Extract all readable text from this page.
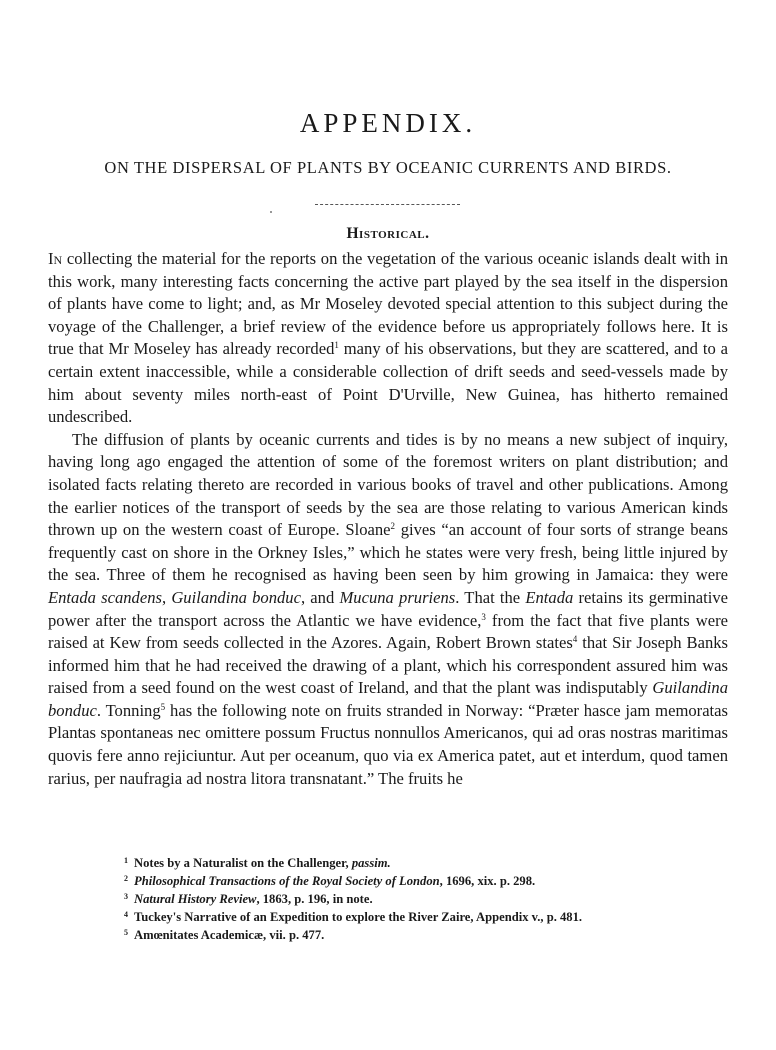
APPENDIX.
ON THE DISPERSAL OF PLANTS BY OCEANIC CURRENTS AND BIRDS.
Historical.

In collecting the material for the reports on the vegetation of the various oceanic islands dealt with in this work, many interesting facts concerning the active part played by the sea itself in the dispersion of plants have come to light; and, as Mr Moseley devoted special attention to this subject during the voyage of the Challenger, a brief review of the evidence before us appropriately follows here. It is true that Mr Moseley has already recorded$^1$ many of his observations, but they are scattered, and to a certain extent inaccessible, while a considerable collection of drift seeds and seed-vessels made by him about seventy miles north-east of Point D'Urville, New Guinea, has hitherto remained undescribed.

The diffusion of plants by oceanic currents and tides is by no means a new subject of inquiry, having long ago engaged the attention of some of the foremost writers on plant distribution; and isolated facts relating thereto are recorded in various books of travel and other publications. Among the earlier notices of the transport of seeds by the sea are those relating to various American kinds thrown up on the western coast of Europe. Sloane$^2$ gives “an account of four sorts of strange beans frequently cast on shore in the Orkney Isles,” which he states were very fresh, being little injured by the sea. Three of them he recognised as having been seen by him growing in Jamaica: they were Entada scandens, Guilandina bonduc, and Mucuna pruriens. That the Entada retains its germinative power after the transport across the Atlantic we have evidence,$^3$ from the fact that five plants were raised at Kew from seeds collected in the Azores. Again, Robert Brown states$^4$ that Sir Joseph Banks informed him that he had received the drawing of a plant, which his correspondent assured him was raised from a seed found on the west coast of Ireland, and that the plant was indisputably Guilandina bonduc. Tonning$^5$ has the following note on fruits stranded in Norway: “Præter hasce jam memoratas Plantas spontaneas nec omittere possum Fructus nonnullos Americanos, qui ad oras nostras maritimas quovis fere anno rejiciuntur. Aut per oceanum, quo via ex America patet, aut et interdum, quod tamen rarius, per naufragia ad nostra litora transnatant.” The fruits he

$^1$ Notes by a Naturalist on the Challenger, passim.
$^2$ Philosophical Transactions of the Royal Society of London, 1696, xix. p. 298.
$^3$ Natural History Review, 1863, p. 196, in note.
$^4$ Tuckey's Narrative of an Expedition to explore the River Zaire, Appendix v., p. 481.
$^5$ Amœnitates Academicæ, vii. p. 477.
